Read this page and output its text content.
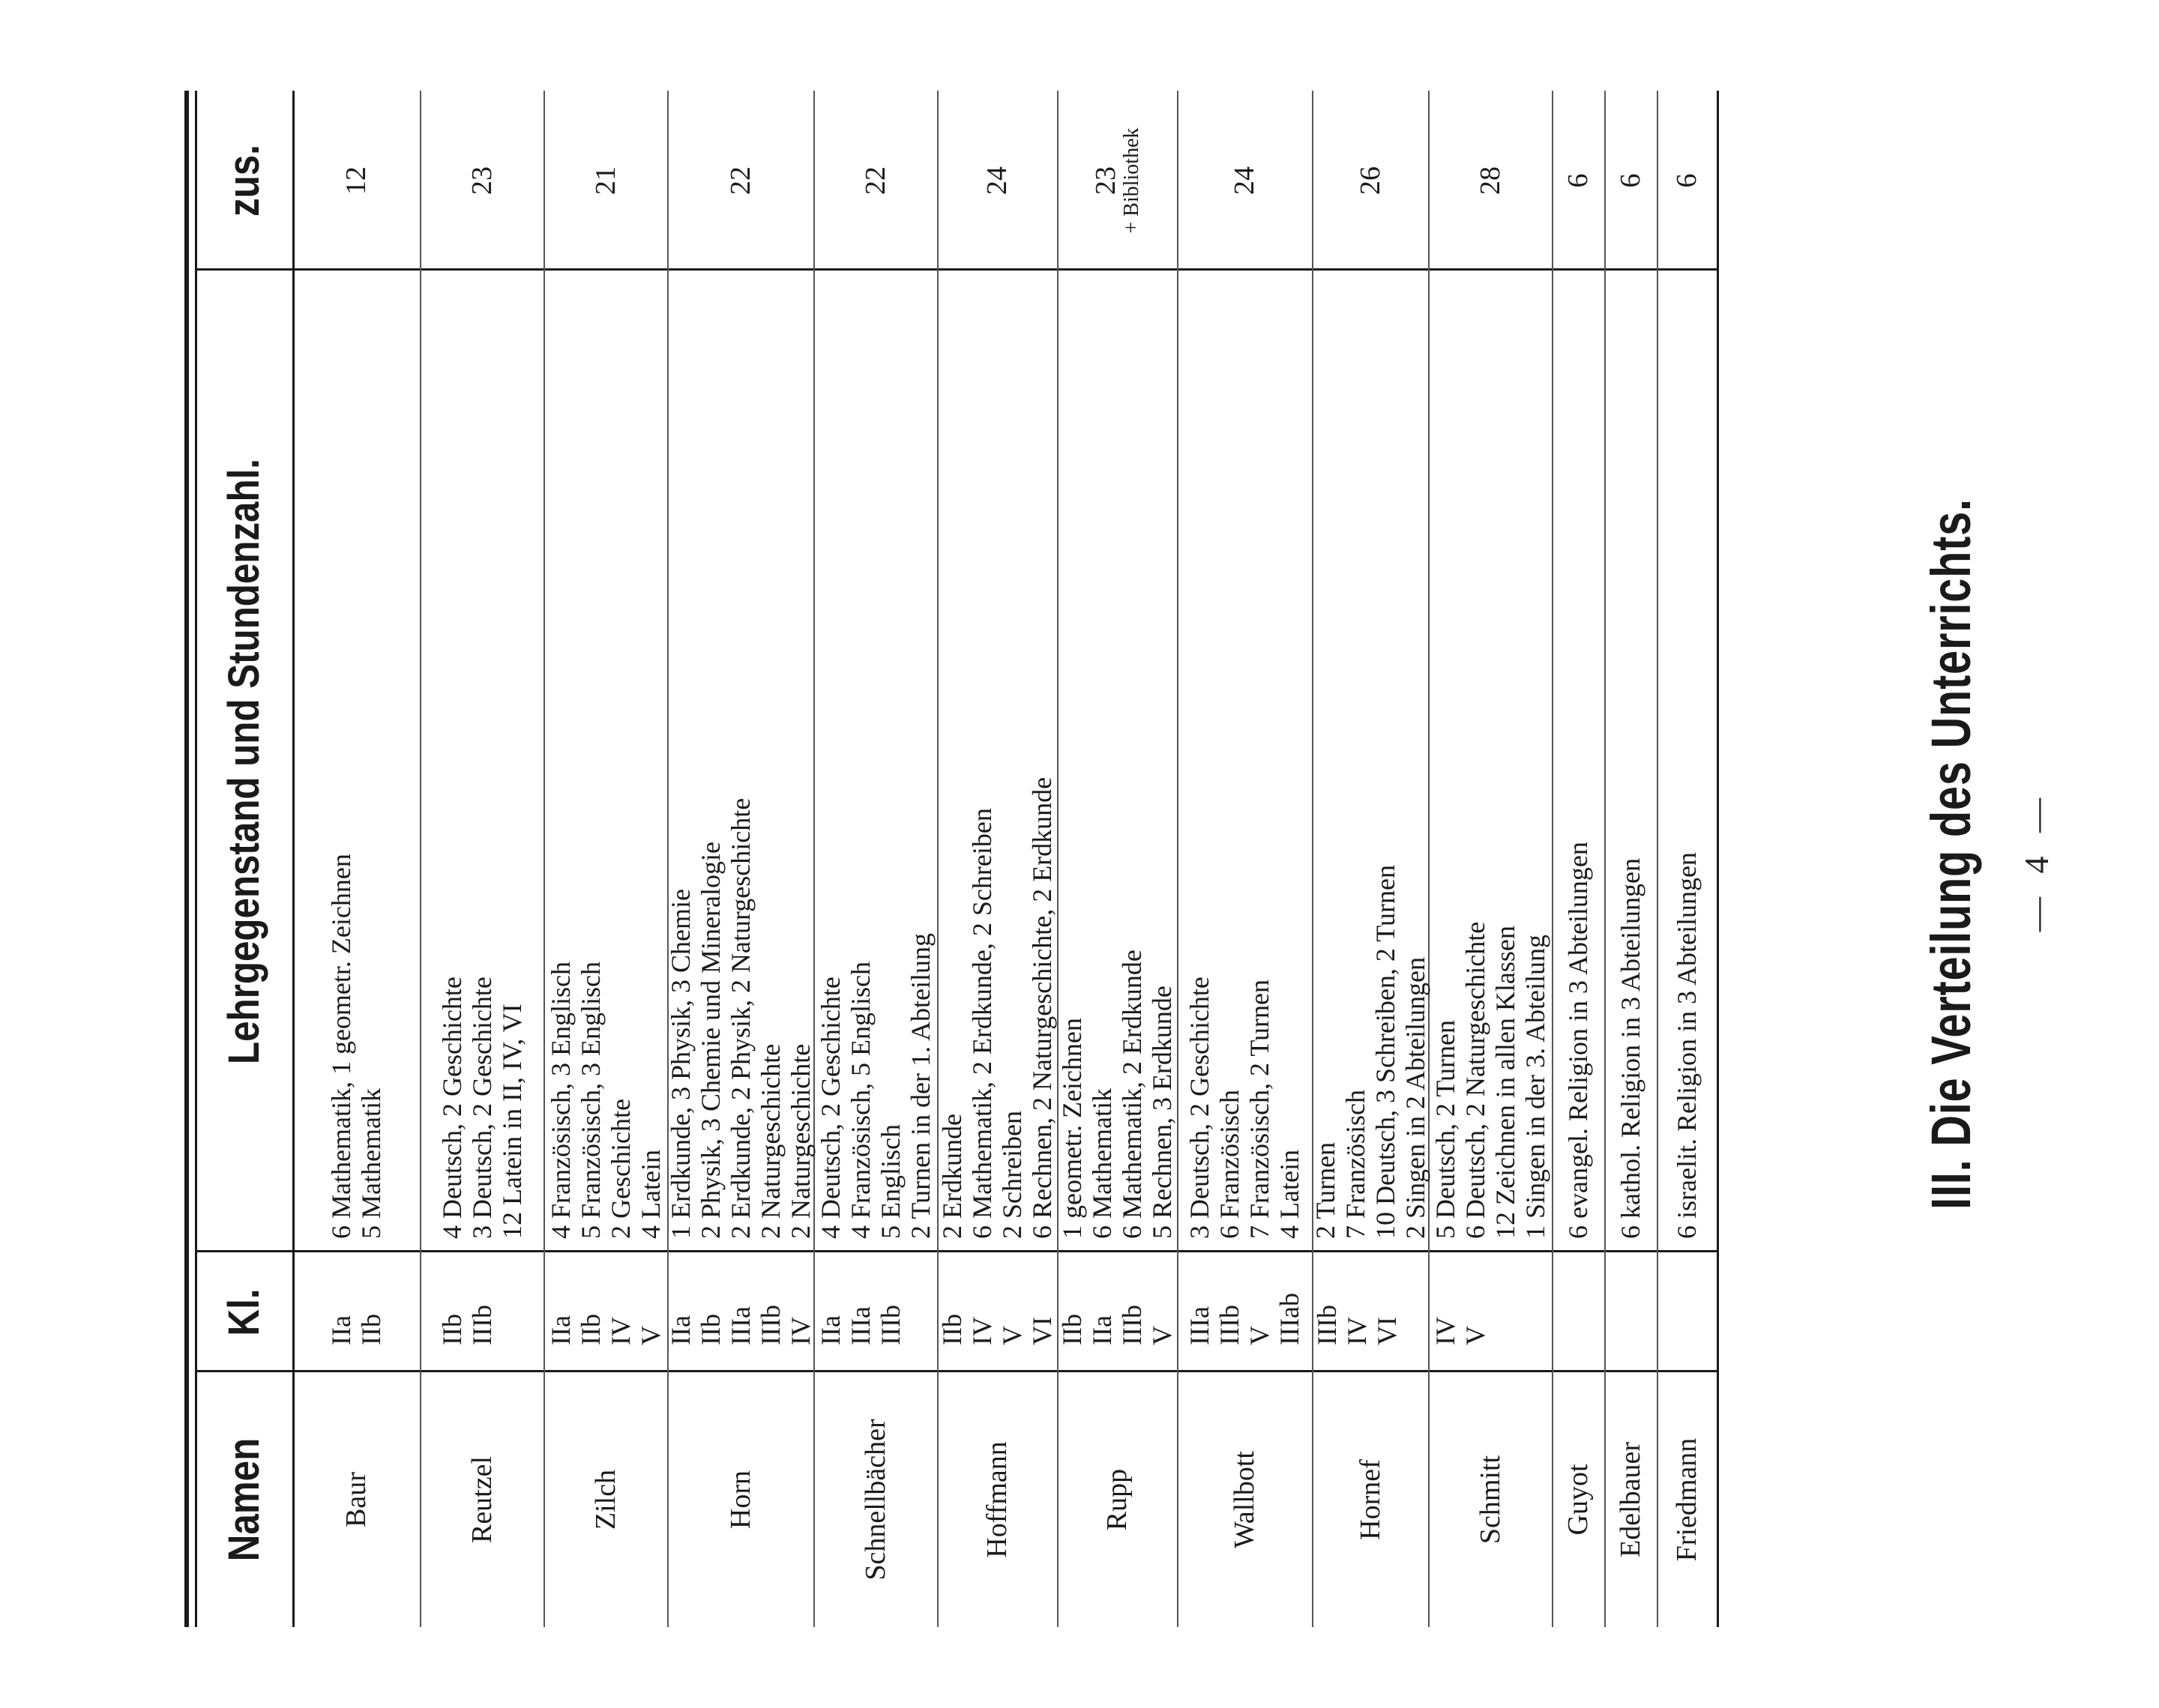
— 4 —
III. Die Verteilung des Unterrichts.
Namen
Kl.
Lehrgegenstand und Stundenzahl.
zus.
Baur
IIa IIb
6 Mathematik, 1 geometr. Zeichnen 5 Mathematik
12
Reutzel
IIb IIIb
4 Deutsch, 2 Geschichte 3 Deutsch, 2 Geschichte 12 Latein in II, IV, VI
23
Zilch
IIa IIb IV V
4 Französisch, 3 Englisch 5 Französisch, 3 Englisch 2 Geschichte 4 Latein
21
Horn
IIa IIb IIIa IIIb IV
1 Erdkunde, 3 Physik, 3 Chemie 2 Physik, 3 Chemie und Mineralogie 2 Erdkunde, 2 Physik, 2 Naturgeschichte 2 Naturgeschichte 2 Naturgeschichte
22
Schnellbächer
IIa IIIa IIIb
4 Deutsch, 2 Geschichte 4 Französisch, 5 Englisch 5 Englisch 2 Turnen in der 1. Abteilung
22
Hoffmann
IIb IV V VI
2 Erdkunde 6 Mathematik, 2 Erdkunde, 2 Schreiben 2 Schreiben 6 Rechnen, 2 Naturgeschichte, 2 Erdkunde
24
Rupp
IIb IIa IIIb V
1 geometr. Zeichnen 6 Mathematik 6 Mathematik, 2 Erdkunde 5 Rechnen, 3 Erdkunde
23
+ Bibliothek
Wallbott
IIIa IIIb V IIIab
3 Deutsch, 2 Geschichte 6 Französisch 7 Französisch, 2 Turnen 4 Latein
24
Hornef
IIIb IV VI
2 Turnen 7 Französisch 10 Deutsch, 3 Schreiben, 2 Turnen 2 Singen in 2 Abteilungen
26
Schmitt
IV V
5 Deutsch, 2 Turnen 6 Deutsch, 2 Naturgeschichte 12 Zeichnen in allen Klassen 1 Singen in der 3. Abteilung
28
Guyot
6 evangel. Religion in 3 Abteilungen
6
Edelbauer
6 kathol. Religion in 3 Abteilungen
6
Friedmann
6 israelit. Religion in 3 Abteilungen
6
